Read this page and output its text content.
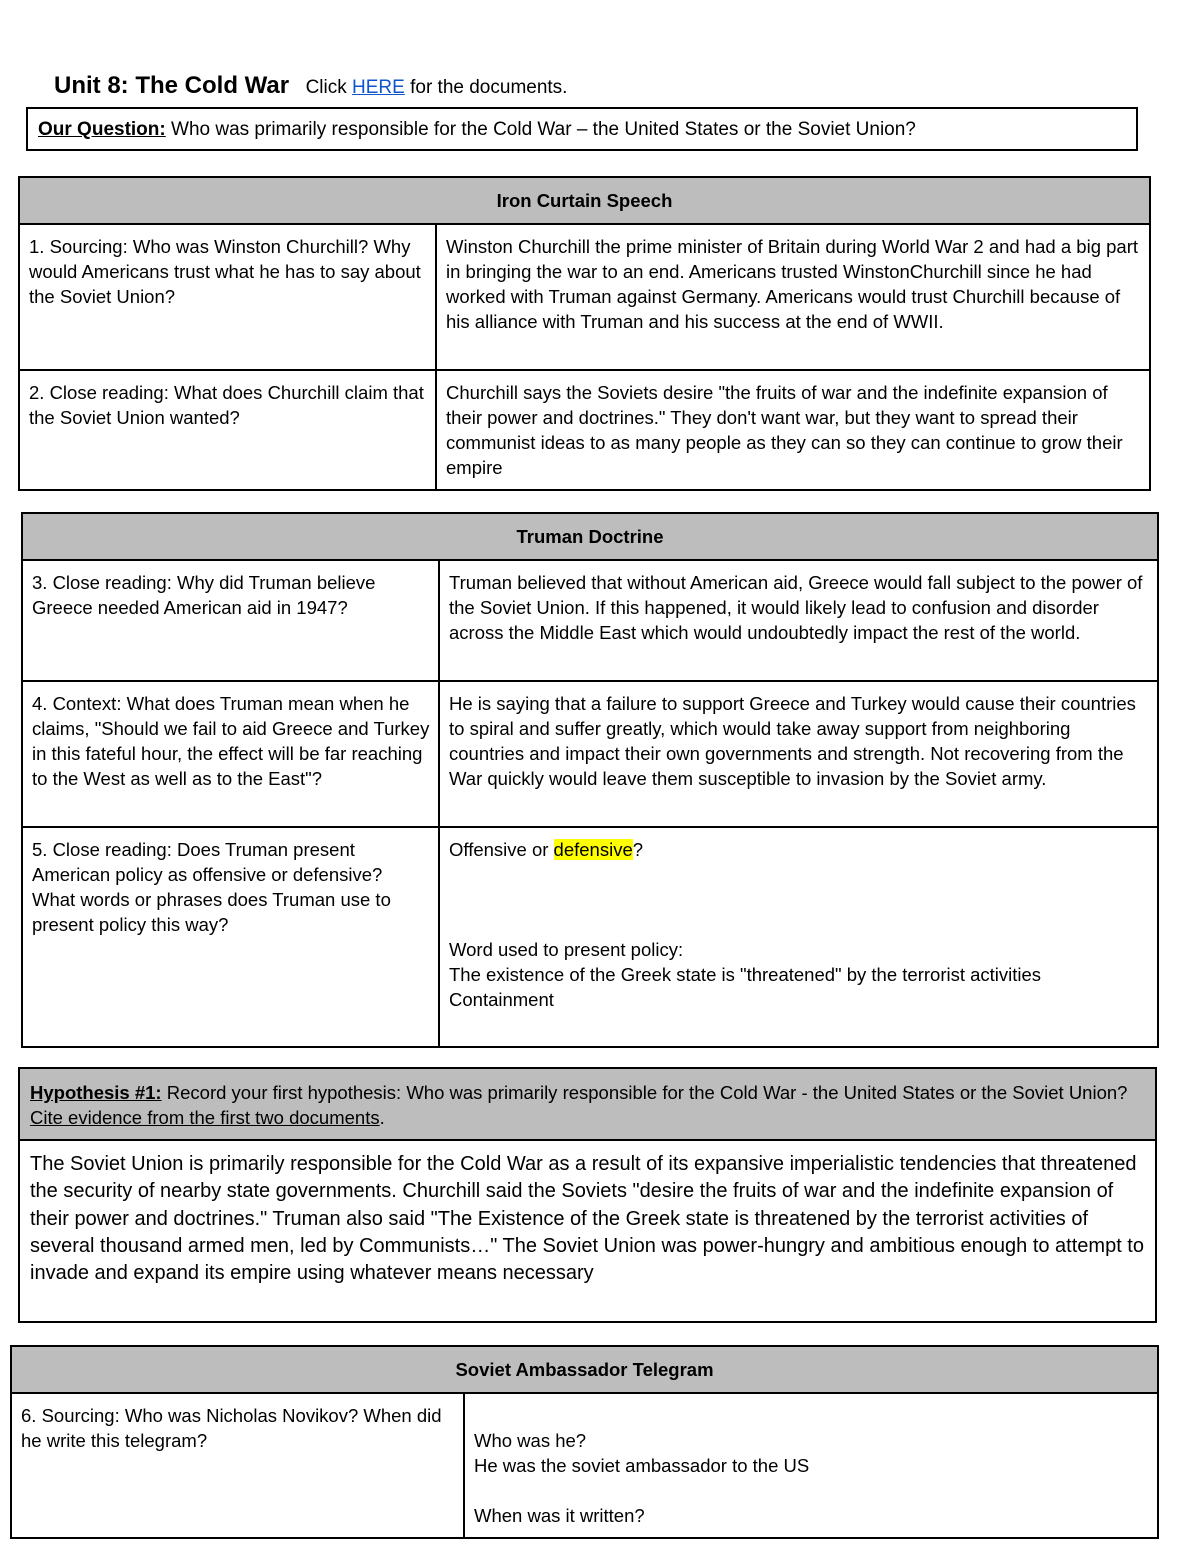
Unit 8: The Cold War Click HERE for the documents.
Our Question: Who was primarily responsible for the Cold War – the United States or the Soviet Union?
Iron Curtain Speech	
1. Sourcing: Who was Winston Churchill? Why would Americans trust what he has to say about the Soviet Union?	Winston Churchill the prime minister of Britain during World War 2 and had a big part in bringing the war to an end. Americans trusted WinstonChurchill since he had worked with Truman against Germany. Americans would trust Churchill because of his alliance with Truman and his success at the end of WWII.
2. Close reading: What does Churchill claim that the Soviet Union wanted?	Churchill says the Soviets desire "the fruits of war and the indefinite expansion of their power and doctrines." They don't want war, but they want to spread their communist ideas to as many people as they can so they can continue to grow their empire
Truman Doctrine	
3. Close reading: Why did Truman believe Greece needed American aid in 1947?	Truman believed that without American aid, Greece would fall subject to the power of the Soviet Union. If this happened, it would likely lead to confusion and disorder across the Middle East which would undoubtedly impact the rest of the world.
4. Context: What does Truman mean when he claims, "Should we fail to aid Greece and Turkey in this fateful hour, the effect will be far reaching to the West as well as to the East"?	He is saying that a failure to support Greece and Turkey would cause their countries to spiral and suffer greatly, which would take away support from neighboring countries and impact their own governments and strength. Not recovering from the War quickly would leave them susceptible to invasion by the Soviet army.
5. Close reading: Does Truman present American policy as offensive or defensive? What words or phrases does Truman use to present policy this way?	Offensive or defensive?
Word used to present policy:
The existence of the Greek state is "threatened" by the terrorist activities
Containment
Hypothesis #1: Record your first hypothesis: Who was primarily responsible for the Cold War - the United States or the Soviet Union? Cite evidence from the first two documents.
The Soviet Union is primarily responsible for the Cold War as a result of its expansive imperialistic tendencies that threatened the security of nearby state governments. Churchill said the Soviets "desire the fruits of war and the indefinite expansion of their power and doctrines." Truman also said "The Existence of the Greek state is threatened by the terrorist activities of several thousand armed men, led by Communists…" The Soviet Union was power-hungry and ambitious enough to attempt to invade and expand its empire using whatever means necessary
Soviet Ambassador Telegram
6. Sourcing: Who was Nicholas Novikov? When did he write this telegram?	Who was he?
He was the soviet ambassador to the US
When was it written?
